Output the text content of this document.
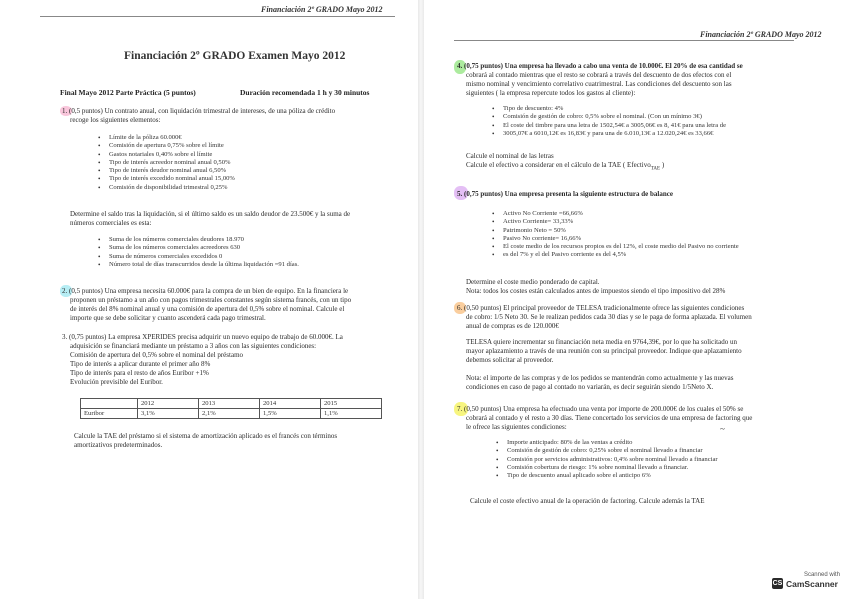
Financiación 2º GRADO Mayo 2012
Financiación 2º GRADO Examen Mayo 2012
Final Mayo 2012 Parte Práctica (5 puntos)	Duración recomendada 1 h y 30 minutos
1. (0,5 puntos) Un contrato anual, con liquidación trimestral de intereses, de una póliza de crédito
recoge los siguientes elementos:
• Límite de la póliza 60.000€
• Comisión de apertura 0,75% sobre el límite
• Gastos notariales 0,40% sobre el límite
• Tipo de interés acreedor nominal anual 0,50%
• Tipo de interés deudor nominal anual 6,50%
• Tipo de interés excedido nominal anual 15,00%
• Comisión de disponibilidad trimestral 0,25%
Determine el saldo tras la liquidación, si el último saldo es un saldo deudor de 23.500€ y la suma de
números comerciales es esta:
• Suma de los números comerciales deudores 18.970
• Suma de los números comerciales acreedores 630
• Suma de números comerciales excedidos 0
• Número total de días transcurridos desde la última liquidación =91 días.
2. (0,5 puntos) Una empresa necesita 60.000€ para la compra de un bien de equipo. En la financiera le
proponen un préstamo a un año con pagos trimestrales constantes según sistema francés, con un tipo
de interés del 8% nominal anual y una comisión de apertura del 0,5% sobre el nominal. Calcule el
importe que se debe solicitar y cuanto ascenderá cada pago trimestral.
3. (0,75 puntos) La empresa XPERIDES precisa adquirir un nuevo equipo de trabajo de 60.000€. La
adquisición se financiará mediante un préstamo a 3 años con las siguientes condiciones:
Comisión de apertura del 0,5% sobre el nominal del préstamo
Tipo de interés a aplicar durante el primer año 8%
Tipo de interés para el resto de años Euribor +1%
Evolución previsible del Euribor.
	2012	2013	2014	2015
Euribor	3,1%	2,1%	1,5%	1,1%
Calcule la TAE del préstamo si el sistema de amortización aplicado es el francés con términos
amortizativos predeterminados.
Financiación 2º GRADO Mayo 2012
4. (0,75 puntos) Una empresa ha llevado a cabo una venta de 10.000€. El 20% de esa cantidad se
cobrará al contado mientras que el resto se cobrará a través del descuento de dos efectos con el
mismo nominal y vencimiento correlativo cuatrimestral. Las condiciones del descuento son las
siguientes ( la empresa repercute todos los gastos al cliente):
• Tipo de descuento: 4%
• Comisión de gestión de cobro: 0,5% sobre el nominal. (Con un mínimo 3€)
• El coste del timbre para una letra de 1502,54€ a 3005,06€ es 8, 41€ para una letra de
• 3005,07€ a 6010,12€ es 16,83€ y para una de 6.010,13€ a 12.020,24€ es 33,66€
Calcule el nominal de las letras
Calcule el efectivo a considerar en el cálculo de la TAE ( Efectivo$_{TAE}$ )
5. (0,75 puntos) Una empresa presenta la siguiente estructura de balance
• Activo No Corriente =66,66%
• Activo Corriente= 33,33%
• Patrimonio Neto = 50%
• Pasivo No corriente= 16,66%
• El coste medio de los recursos propios es del 12%, el coste medio del Pasivo no corriente
• es del 7% y el del Pasivo corriente es del 4,5%
Determine el coste medio ponderado de capital.
Nota: todos los costes están calculados antes de impuestos siendo el tipo impositivo del 28%
6. (0,50 puntos) El principal proveedor de TELESA tradicionalmente ofrece las siguientes condiciones
de cobro: 1/5 Neto 30. Se le realizan pedidos cada 30 días y se le paga de forma aplazada. El volumen
anual de compras es de 120.000€
TELESA quiere incrementar su financiación neta media en 9764,39€, por lo que ha solicitado un
mayor aplazamiento a través de una reunión con su principal proveedor. Indique que aplazamiento
debemos solicitar al proveedor.
Nota: el importe de las compras y de los pedidos se mantendrán como actualmente y las nuevas
condiciones en caso de pago al contado no variarán, es decir seguirán siendo 1/5Neto X.
7. (0,50 puntos) Una empresa ha efectuado una venta por importe de 200.000€ de los cuales el 50% se
cobrará al contado y el resto a 30 días. Tiene concertado los servicios de una empresa de factoring que
le ofrece las siguientes condiciones:	~
• Importe anticipado: 80% de las ventas a crédito
• Comisión de gestión de cobro: 0,25% sobre el nominal llevado a financiar
• Comisión por servicios administrativos: 0,4% sobre nominal llevado a financiar
• Comisión cobertura de riesgo: 1% sobre nominal llevado a financiar.
• Tipo de descuento anual aplicado sobre el anticipo 6%
Calcule el coste efectivo anual de la operación de factoring. Calcule además la TAE
Scanned with
CS CamScanner
